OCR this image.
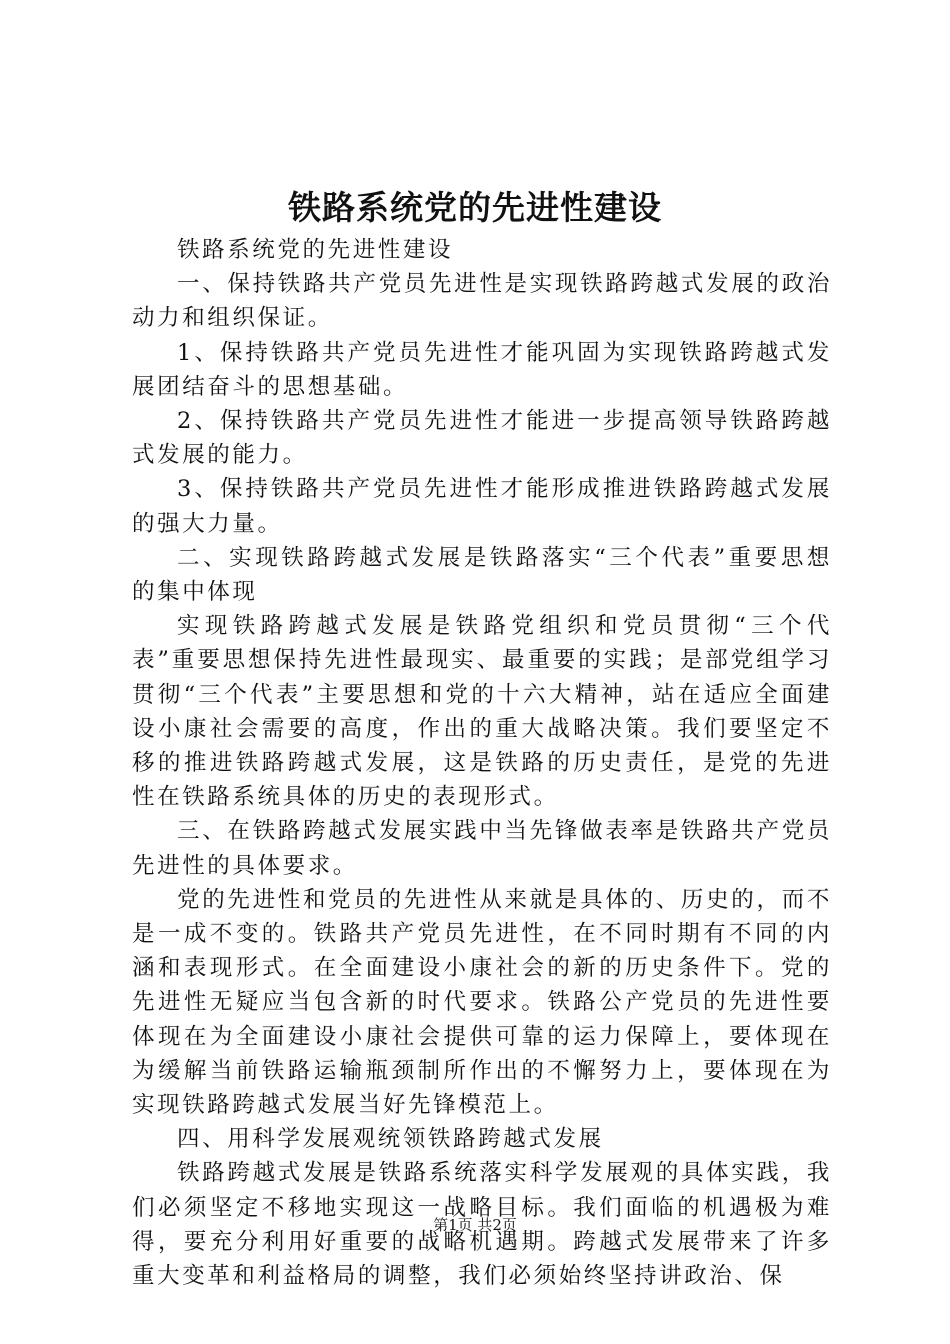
铁路系统党的先进性建设

铁路系统党的先进性建设

一、保持铁路共产党员先进性是实现铁路跨越式发展的政治动力和组织保证。

1、保持铁路共产党员先进性才能巩固为实现铁路跨越式发展团结奋斗的思想基础。

2、保持铁路共产党员先进性才能进一步提高领导铁路跨越式发展的能力。

3、保持铁路共产党员先进性才能形成推进铁路跨越式发展的强大力量。

二、实现铁路跨越式发展是铁路落实“三个代表”重要思想的集中体现

实现铁路跨越式发展是铁路党组织和党员贯彻“三个代表”重要思想保持先进性最现实、最重要的实践；是部党组学习贯彻“三个代表”主要思想和党的十六大精神，站在适应全面建设小康社会需要的高度，作出的重大战略决策。我们要坚定不移的推进铁路跨越式发展，这是铁路的历史责任，是党的先进性在铁路系统具体的历史的表现形式。

三、在铁路跨越式发展实践中当先锋做表率是铁路共产党员先进性的具体要求。

党的先进性和党员的先进性从来就是具体的、历史的，而不是一成不变的。铁路共产党员先进性，在不同时期有不同的内涵和表现形式。在全面建设小康社会的新的历史条件下。党的先进性无疑应当包含新的时代要求。铁路公产党员的先进性要体现在为全面建设小康社会提供可靠的运力保障上，要体现在为缓解当前铁路运输瓶颈制所作出的不懈努力上，要体现在为实现铁路跨越式发展当好先锋模范上。

四、用科学发展观统领铁路跨越式发展

铁路跨越式发展是铁路系统落实科学发展观的具体实践，我们必须坚定不移地实现这一战略目标。我们面临的机遇极为难得，要充分利用好重要的战略机遇期。跨越式发展带来了许多重大变革和利益格局的调整，我们必须始终坚持讲政治、保

第1页 共2页
